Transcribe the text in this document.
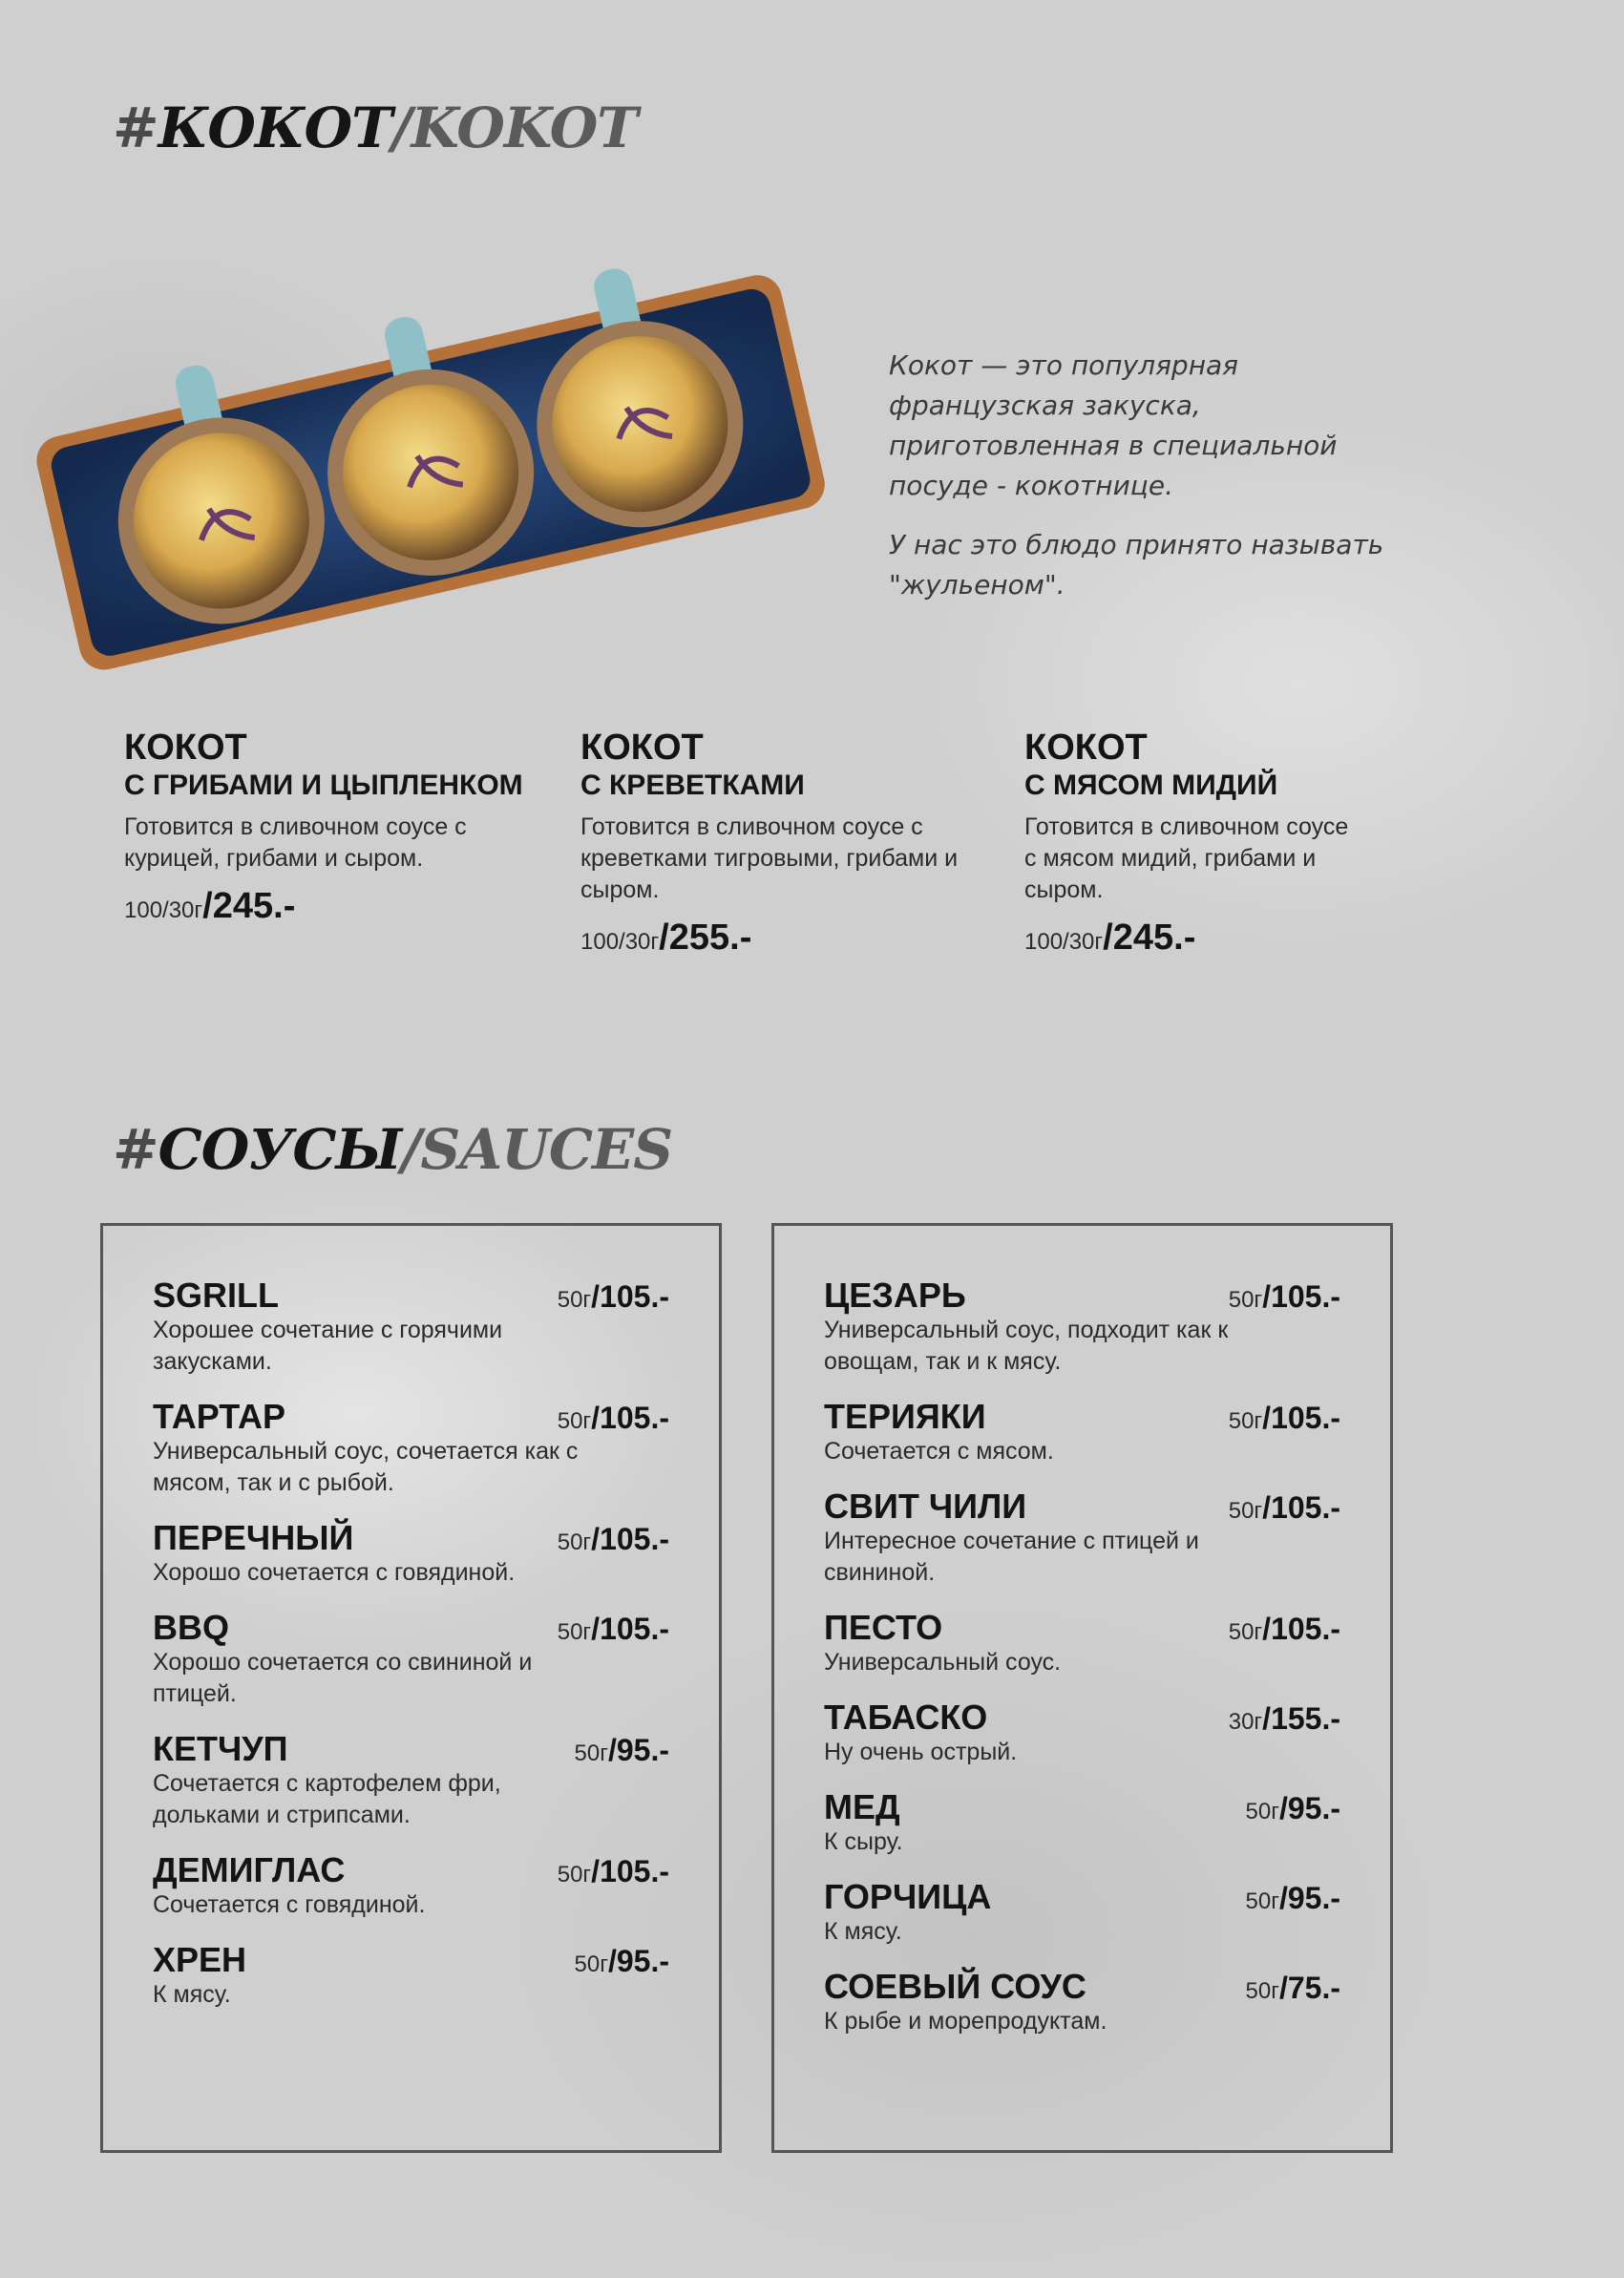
#КОКОТ/KOKOT

Кокот — это популярная французская закуска, приготовленная в специальной посуде - кокотнице.

У нас это блюдо принято называть "жульеном".

КОКОТ
С ГРИБАМИ И ЦЫПЛЕНКОМ
Готовится в сливочном соусе с курицей, грибами и сыром.
100/30г/245.-
КОКОТ
С КРЕВЕТКАМИ
Готовится в сливочном соусе с креветками тигровыми, грибами и сыром.
100/30г/255.-
КОКОТ
С МЯСОМ МИДИЙ
Готовится в сливочном соусе с мясом мидий, грибами и сыром.
100/30г/245.-
#СОУСЫ/SAUCES
SGRILL	50г/105.-
Хорошее сочетание с горячими закусками.
ТАРТАР	50г/105.-
Универсальный соус, сочетается как с мясом, так и с рыбой.
ПЕРЕЧНЫЙ	50г/105.-
Хорошо сочетается с говядиной.
BBQ	50г/105.-
Хорошо сочетается со свининой и птицей.
КЕТЧУП	50г/95.-
Сочетается с картофелем фри, дольками и стрипсами.
ДЕМИГЛАС	50г/105.-
Сочетается с говядиной.
ХРЕН	50г/95.-
К мясу.
ЦЕЗАРЬ	50г/105.-
Универсальный соус, подходит как к овощам, так и к мясу.
ТЕРИЯКИ	50г/105.-
Сочетается с мясом.
СВИТ ЧИЛИ	50г/105.-
Интересное сочетание с птицей и свининой.
ПЕСТО	50г/105.-
Универсальный соус.
ТАБАСКО	30г/155.-
Ну очень острый.
МЕД	50г/95.-
К сыру.
ГОРЧИЦА	50г/95.-
К мясу.
СОЕВЫЙ СОУС	50г/75.-
К рыбе и морепродуктам.
